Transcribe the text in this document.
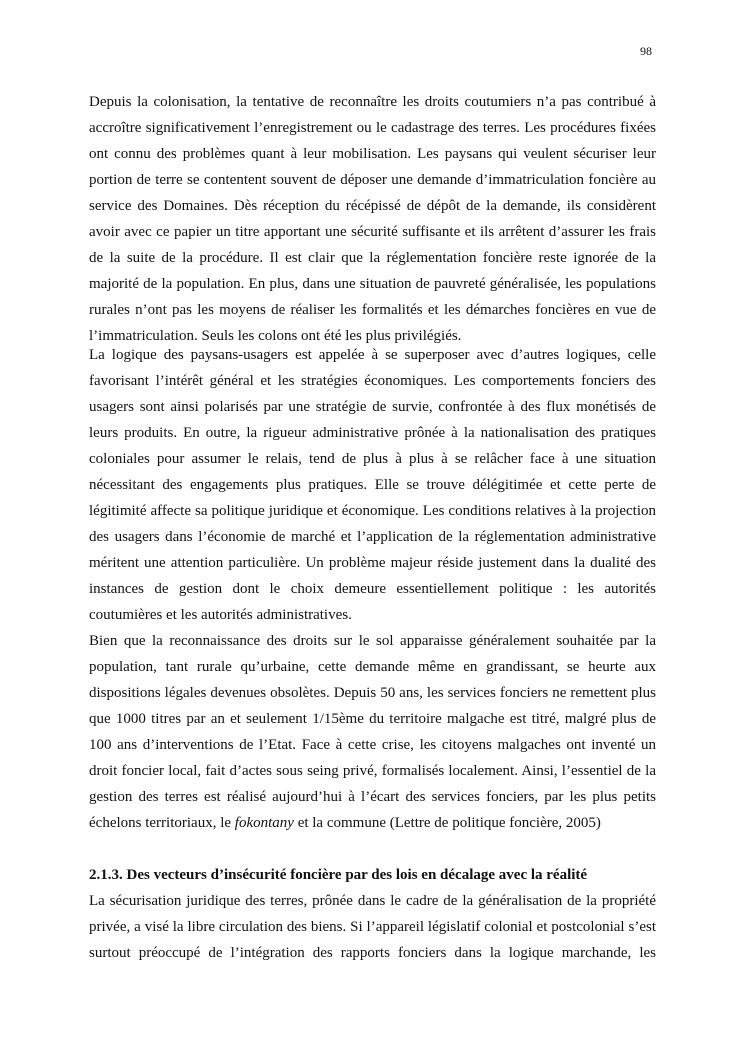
98
Depuis la colonisation, la tentative de reconnaître les droits coutumiers n’a pas contribué à
accroître significativement l’enregistrement ou le cadastrage des terres. Les procédures fixées
ont connu des problèmes quant à leur mobilisation. Les paysans qui veulent sécuriser leur
portion de terre se contentent souvent de déposer une demande d’immatriculation foncière au
service des Domaines. Dès réception du récépissé de dépôt de la demande, ils considèrent
avoir avec ce papier un titre apportant une sécurité suffisante et ils arrêtent d’assurer les frais
de la suite de la procédure. Il est clair que la réglementation foncière reste ignorée de la
majorité de la population. En plus, dans une situation de pauvreté généralisée, les populations
rurales n’ont pas les moyens de réaliser les formalités et les démarches foncières en vue de
l’immatriculation. Seuls les colons ont été les plus privilégiés.
La logique des paysans-usagers est appelée à se superposer avec d’autres logiques, celle
favorisant l’intérêt général et les stratégies économiques. Les comportements fonciers des
usagers sont ainsi polarisés par une stratégie de survie, confrontée à des flux monétisés de
leurs produits. En outre, la rigueur administrative prônée à la nationalisation des pratiques
coloniales pour assumer le relais, tend de plus à plus à se relâcher face à une situation
nécessitant des engagements plus pratiques. Elle se trouve délégitimée et cette perte de
légitimité affecte sa politique juridique et économique. Les conditions relatives à la projection
des usagers dans l’économie de marché et l’application de la réglementation administrative
méritent une attention particulière. Un problème majeur réside justement dans la dualité des
instances de gestion dont le choix demeure essentiellement politique : les autorités
coutumières et les autorités administratives.
Bien que la reconnaissance des droits sur le sol apparaisse généralement souhaitée par la
population, tant rurale qu’urbaine, cette demande même en grandissant, se heurte aux
dispositions légales devenues obsolètes. Depuis 50 ans, les services fonciers ne remettent plus
que 1000 titres par an et seulement 1/15ème du territoire malgache est titré, malgré plus de
100 ans d’interventions de l’Etat. Face à cette crise, les citoyens malgaches ont inventé un
droit foncier local, fait d’actes sous seing privé, formalisés localement. Ainsi, l’essentiel de la
gestion des terres est réalisé aujourd’hui à l’écart des services fonciers, par les plus petits
échelons territoriaux, le fokontany et la commune (Lettre de politique foncière, 2005)
2.1.3. Des vecteurs d’insécurité foncière par des lois en décalage avec la réalité
La sécurisation juridique des terres, prônée dans le cadre de la généralisation de la propriété
privée, a visé la libre circulation des biens. Si l’appareil législatif colonial et postcolonial s’est
surtout préoccupé de l’intégration des rapports fonciers dans la logique marchande, les
